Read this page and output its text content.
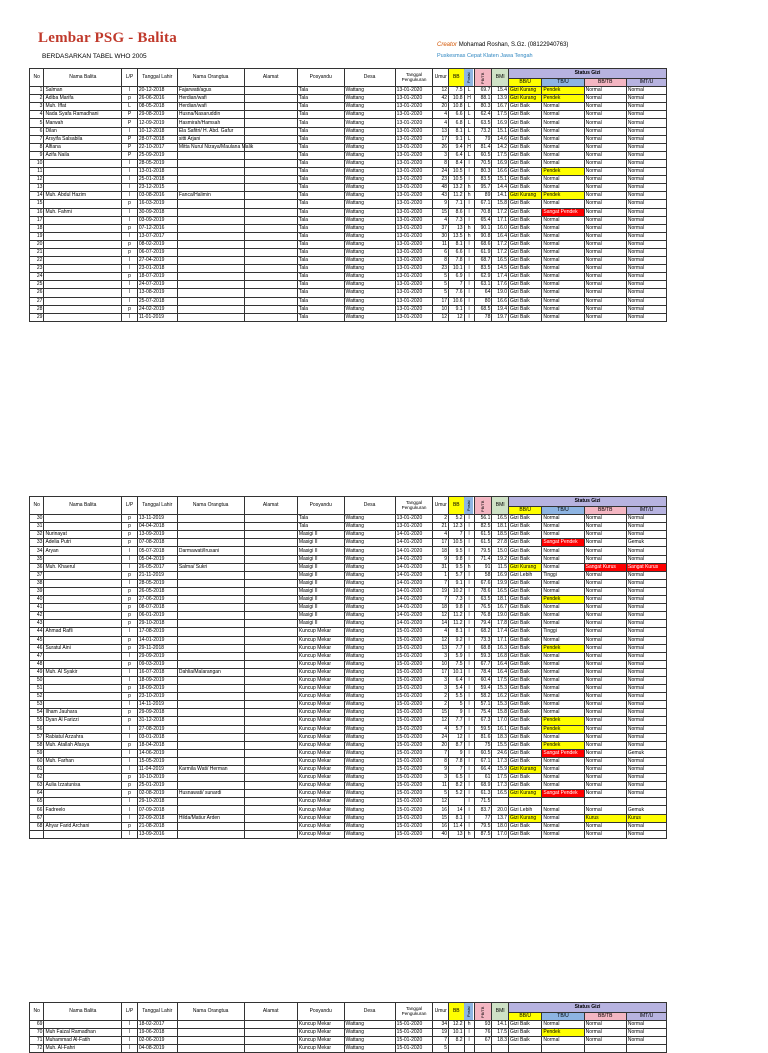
Lembar PSG - Balita
BERDASARKAN TABEL WHO 2005
Creator Mohamad Roshan, S.Gz. (08122940763)
Puskesmas Cepat Klaten Jawa Tengah
No	Nama Balita	L/P	Tanggal Lahir	Nama Orangtua	Alamat	Posyandu	Desa	Tanggal Pengukuran	Umur	BB	Posisi	PB/TB	BMI	Status Gizi			
														BB/U	TB/U	BB/TB	IMT/U
1	Salman	l	20-12-2018	Fajarwati/agus		Tala	Wattang	13-01-2020	12	7.5	L	69.7	15.4	Gizi Kurang	Pendek	Normal	Normal
2	Adiba Marifa	p	26-06-2016	Herdian/wafi		Tala	Wattang	13-01-2020	42	10.8	H	88.1	13.9	Gizi Kurang	Pendek	Normal	Normal
3	Muh. Iffat	L	08-05-2018	Herdian/wafi		Tala	Wattang	13-01-2020	20	10.8	L	80.3	16.7	Gizi Baik	Normal	Normal	Normal
4	Nada Syafa Ramadhani	P	29-08-2019	Husna/Nasaruddin		Tala	Wattang	13-01-2020	4	6.6	L	62.4	17.5	Gizi Baik	Normal	Normal	Normal
5	Marwah	P	12-09-2019	Hasmirah/Hamsah		Tala	Wattang	13-01-2020	4	6.8	L	63.5	16.9	Gizi Baik	Normal	Normal	Normal
6	Dilan	l	10-12-2018	Ela Safitri/ H. Abd. Gafur		Tala	Wattang	13-01-2020	13	8.1	L	73.2	15.1	Gizi Baik	Normal	Normal	Normal
7	Arsyifa Salsabila	P	28-07-2018	sitti Arjani		Tala	Wattang	13-01-2020	17	9.1	L	79	14.6	Gizi Baik	Normal	Normal	Normal
8	Alfiana	P	22-10-2017	Mitta Nurul Nizaya/Maulana Malik		Tala	Wattang	13-01-2020	26	9.4	H	81.4	14.2	Gizi Baik	Normal	Normal	Normal
9	Azifa Naila	P	25-09-2019			Tala	Wattang	13-01-2020	3	6.4	L	60.5	17.5	Gizi Baik	Normal	Normal	Normal
10		l	28-05-2019			Tala	Wattang	13-01-2020	8	8.4	l	70.5	16.9	Gizi Baik	Normal	Normal	Normal
11		l	13-01-2018			Tala	Wattang	13-01-2020	24	10.5	l	80.3	16.6	Gizi Baik	Pendek	Normal	Normal
12		l	25-01-2018			Tala	Wattang	13-01-2020	23	10.5	l	83.5	15.1	Gizi Baik	Normal	Normal	Normal
13		l	23-12-2015			Tala	Wattang	13-01-2020	48	13.2	h	95.7	14.4	Gizi Baik	Normal	Normal	Normal
14	Muh. Abdul Hazim	l	03-08-2016	Fanca/Halimin		Tala	Wattang	13-01-2020	43	11.2	h	89	14.1	Gizi Kurang	Pendek	Normal	Normal
15		p	16-03-2019			Tala	Wattang	13-01-2020	9	7.1	l	67.1	15.8	Gizi Baik	Normal	Normal	Normal
16	Muh. Fahmi	l	30-09-2018			Tala	Wattang	13-01-2020	15	8.6	l	70.8	17.2	Gizi Baik	Sangat Pendek	Normal	Normal
17		l	03-09-2019			Tala	Wattang	13-01-2020	4	7.3	l	65.4	17.1	Gizi Baik	Normal	Normal	Normal
18		p	07-12-2016			Tala	Wattang	13-01-2020	37	13	h	90.1	16.0	Gizi Baik	Normal	Normal	Normal
19		l	13-07-2017			Tala	Wattang	13-01-2020	30	13.5	h	90.8	16.4	Gizi Baik	Normal	Normal	Normal
20		p	08-02-2019			Tala	Wattang	13-01-2020	11	8.1	l	68.6	17.2	Gizi Baik	Normal	Normal	Normal
21		p	06-07-2019			Tala	Wattang	13-01-2020	6	6.6	l	61.9	17.2	Gizi Baik	Normal	Normal	Normal
22		l	27-04-2019			Tala	Wattang	13-01-2020	8	7.8	l	68.7	16.5	Gizi Baik	Normal	Normal	Normal
23		l	23-01-2018			Tala	Wattang	13-01-2020	23	10.1	l	83.5	14.5	Gizi Baik	Normal	Normal	Normal
24		p	18-07-2019			Tala	Wattang	13-01-2020	5	6.9	l	62.9	17.4	Gizi Baik	Normal	Normal	Normal
25		l	24-07-2019			Tala	Wattang	13-01-2020	5	7	l	63.1	17.6	Gizi Baik	Normal	Normal	Normal
26		l	13-08-2019			Tala	Wattang	13-01-2020	5	7.6	l	64	19.0	Gizi Baik	Normal	Normal	Normal
27		l	25-07-2018			Tala	Wattang	13-01-2020	17	10.6	l	80	16.6	Gizi Baik	Normal	Normal	Normal
28		p	24-02-2019			Tala	Wattang	13-01-2020	10	9.1	l	68.5	19.4	Gizi Baik	Normal	Normal	Normal
29		l	11-01-2019			Tala	Wattang	13-01-2020	12	12	l	78	19.7	Gizi Baik	Normal	Normal	Normal
No	Nama Balita	L/P	Tanggal Lahir	Nama Orangtua	Alamat	Posyandu	Desa	Tanggal Pengukuran	Umur	BB	Posisi	PB/TB	BMI	Status Gizi			
														BB/U	TB/U	BB/TB	IMT/U
30		p	13-11-2019			Tala	Wattang	13-01-2020	2	5.2	l	56.1	16.5	Gizi Baik	Normal	Normal	Normal
31		p	04-04-2018			Tala	Wattang	13-01-2020	21	12.3	l	82.5	18.1	Gizi Baik	Normal	Normal	Normal
32	Nurinayat	p	13-09-2019			Masigi II	Wattang	14-01-2020	4	7	l	61.5	18.5	Gizi Baik	Normal	Normal	Normal
33	Adelia Putri	p	07-08-2018			Masigi II	Wattang	14-01-2020	17	10.5	l	61.5	27.8	Gizi Baik	Sangat Pendek	Normal	Gemuk
34	Aryan	l	05-07-2018	Darmawati/Irusani		Masigi II	Wattang	14-01-2020	18	9.5	l	79.5	15.0	Gizi Baik	Normal	Normal	Normal
35		l	05-04-2019			Masigi II	Wattang	14-01-2020	9	9.8	l	71.4	19.2	Gizi Baik	Normal	Normal	Normal
36	Muh. Khaerul	l	26-05-2017	Salma/ Sukri		Masigi II	Wattang	14-01-2020	31	9.5	h	91	11.5	Gizi Kurang	Normal	Sangat Kurus	Sangat Kurus
37		p	21-11-2019			Masigi II	Wattang	14-01-2020	1	5.7	l	58	16.9	Gizi Lebih	Tinggi	Normal	Normal
38		l	28-05-2019			Masigi II	Wattang	14-01-2020	7	9.1	l	67.6	19.9	Gizi Baik	Normal	Normal	Normal
39		p	26-05-2018			Masigi II	Wattang	14-01-2020	19	10.2	l	78.6	16.5	Gizi Baik	Normal	Normal	Normal
40		p	27-06-2019			Masigi II	Wattang	14-01-2020	7	7.3	l	63.5	18.1	Gizi Baik	Pendek	Normal	Normal
41		p	08-07-2018			Masigi II	Wattang	14-01-2020	18	9.8	l	76.5	16.7	Gizi Baik	Normal	Normal	Normal
42		p	06-01-2019			Masigi II	Wattang	14-01-2020	12	11.2	l	76.8	19.0	Gizi Baik	Normal	Normal	Normal
43		p	29-10-2018			Masigi II	Wattang	14-01-2020	14	11.2	l	79.4	17.8	Gizi Baik	Normal	Normal	Normal
44	Ahmad Rafli	l	17-08-2019			Kuncup Mekar	Wattang	15-01-2020	4	8.1	l	68.2	17.4	Gizi Baik	Tinggi	Normal	Normal
45		p	14-01-2019			Kuncup Mekar	Wattang	15-01-2020	12	9.2	l	73.3	17.1	Gizi Baik	Normal	Normal	Normal
46	Suratul Aini	p	29-11-2018			Kuncup Mekar	Wattang	15-01-2020	13	7.7	l	68.8	16.3	Gizi Baik	Pendek	Normal	Normal
47		l	29-09-2019			Kuncup Mekar	Wattang	15-01-2020	3	5.9	l	59.3	16.8	Gizi Baik	Normal	Normal	Normal
48		p	09-03-2019			Kuncup Mekar	Wattang	15-01-2020	10	7.5	l	67.7	16.4	Gizi Baik	Normal	Normal	Normal
49	Muh. Al Syakir	l	16-07-2018	Dahlia/Malarangan		Kuncup Mekar	Wattang	15-01-2020	17	10.1	l	78.4	16.4	Gizi Baik	Normal	Normal	Normal
50		l	18-09-2019			Kuncup Mekar	Wattang	15-01-2020	3	6.4	l	60.4	17.5	Gizi Baik	Normal	Normal	Normal
51		p	18-09-2019			Kuncup Mekar	Wattang	15-01-2020	3	5.4	l	59.4	15.3	Gizi Baik	Normal	Normal	Normal
52		p	23-10-2019			Kuncup Mekar	Wattang	15-01-2020	2	5.5	l	58.2	16.2	Gizi Baik	Normal	Normal	Normal
53		l	14-11-2019			Kuncup Mekar	Wattang	15-01-2020	2	5	l	57.1	15.3	Gizi Baik	Normal	Normal	Normal
54	Ilham Jauhara	p	29-09-2018			Kuncup Mekar	Wattang	15-01-2020	15	9	l	75.4	15.8	Gizi Baik	Normal	Normal	Normal
55	Dyan Al Farizzi	p	31-12-2018			Kuncup Mekar	Wattang	15-01-2020	12	7.7	l	67.3	17.0	Gizi Baik	Pendek	Normal	Normal
56		l	27-08-2019			Kuncup Mekar	Wattang	15-01-2020	4	5.7	l	59.5	16.1	Gizi Baik	Pendek	Normal	Normal
57	Rabiatul Azzahra	l	03-01-2018			Kuncup Mekar	Wattang	15-01-2020	24	12	l	81.6	18.3	Gizi Baik	Normal	Normal	Normal
58	Muh. Atallah Afasya	p	18-04-2018			Kuncup Mekar	Wattang	15-01-2020	20	8.7	l	75	15.5	Gizi Baik	Pendek	Normal	Normal
59		l	14-06-2019			Kuncup Mekar	Wattang	15-01-2020	7	9	l	60.5	24.6	Gizi Baik	Sangat Pendek	Normal	Gemuk
60	Muh. Farhan	l	15-05-2019			Kuncup Mekar	Wattang	15-01-2020	8	7.8	l	67.1	17.3	Gizi Baik	Normal	Normal	Normal
61		l	11-04-2019	Karmila Wati/ Herman		Kuncup Mekar	Wattang	15-01-2020	9	7	l	66.4	15.9	Gizi Kurang	Normal	Normal	Normal
62		p	10-10-2019			Kuncup Mekar	Wattang	15-01-2020	3	6.5	l	61	17.5	Gizi Baik	Normal	Normal	Normal
63	Aulia Izzatunisa	p	25-01-2019			Kuncup Mekar	Wattang	15-01-2020	11	8.2	l	68.9	17.3	Gizi Baik	Normal	Normal	Normal
64		p	02-08-2019	Husnawati/ sunardi		Kuncup Mekar	Wattang	15-01-2020	5	5.2	l	61.3	16.5	Gizi Kurang	Sangat Pendek	Normal	Normal
65		l	29-10-2018			Kuncup Mekar	Wattang	15-01-2020	12		l	71.5					
66	Fadreelo	l	07-09-2018			Kuncup Mekar	Wattang	15-01-2020	16	14	l	83.7	20.0	Gizi Lebih	Normal	Normal	Gemuk
67		l	22-09-2018	Hilda/Matiur Arden		Kuncup Mekar	Wattang	15-01-2020	15	8.1	l	77	13.7	Gizi Kurang	Normal	Kurus	Kurus
68	Ahyar Farid Archani	p	21-08-2018			Kuncup Mekar	Wattang	15-01-2020	16	11.4	l	79.5	18.0	Gizi Baik	Normal	Normal	Normal
		l	13-09-2016			Kuncup Mekar	Wattang	15-01-2020	40	13	h	87.5	17.0	Gizi Baik	Normal	Normal	Normal
No	Nama Balita	L/P	Tanggal Lahir	Nama Orangtua	Alamat	Posyandu	Desa	Tanggal Pengukuran	Umur	BB	Posisi	PB/TB	BMI	Status Gizi			
														BB/U	TB/U	BB/TB	IMT/U
69		l	18-02-2017			Kuncup Mekar	Wattang	15-01-2020	34	12.2	h	93	14.1	Gizi Baik	Normal	Normal	Normal
70	Muh Faizal Ramadhan	l	19-06-2018			Kuncup Mekar	Wattang	15-01-2020	19	10.1	l	76	17.5	Gizi Baik	Pendek	Normal	Normal
71	Muhammad Al-Fatih	l	02-06-2019			Kuncup Mekar	Wattang	15-01-2020	7	8.2	l	67	18.3	Gizi Baik	Normal	Normal	Normal
72	Muh. Al-Fahri	l	04-08-2019			Kuncup Mekar	Wattang	15-01-2020	5								
